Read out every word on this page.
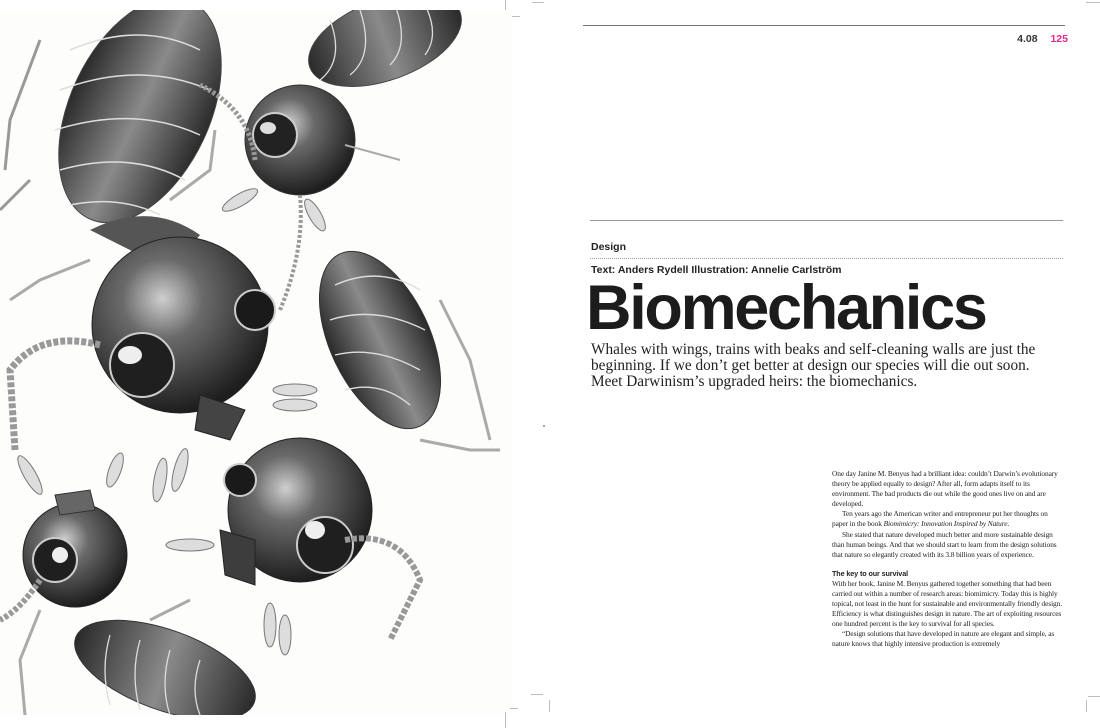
4.08 125
Design
Text: Anders Rydell Illustration: Annelie Carlström
Biomechanics
Whales with wings, trains with beaks and self-cleaning walls are just the beginning. If we don’t get better at design our species will die out soon. Meet Darwinism’s upgraded heirs: the biomechanics.

One day Janine M. Benyus had a brilliant idea: couldn’t Darwin’s evolutionary theory be applied equally to design? After all, form adapts itself to its environment. The bad products die out while the good ones live on and are developed.

Ten years ago the American writer and entrepreneur put her thoughts on paper in the book Biomimicry: Innovation Inspired by Nature.

She stated that nature developed much better and more sustainable design than human beings. And that we should start to learn from the design solutions that nature so elegantly created with its 3.8 billion years of experience.

The key to our survival

With her book, Janine M. Benyus gathered together something that had been carried out within a number of research areas: biomimicry. Today this is highly topical, not least in the hunt for sustainable and environmentally friendly design. Efficiency is what distinguishes design in nature. The art of exploiting resources one hundred percent is the key to survival for all species.

“Design solutions that have developed in nature are elegant and simple, as nature knows that highly intensive production is extremely
